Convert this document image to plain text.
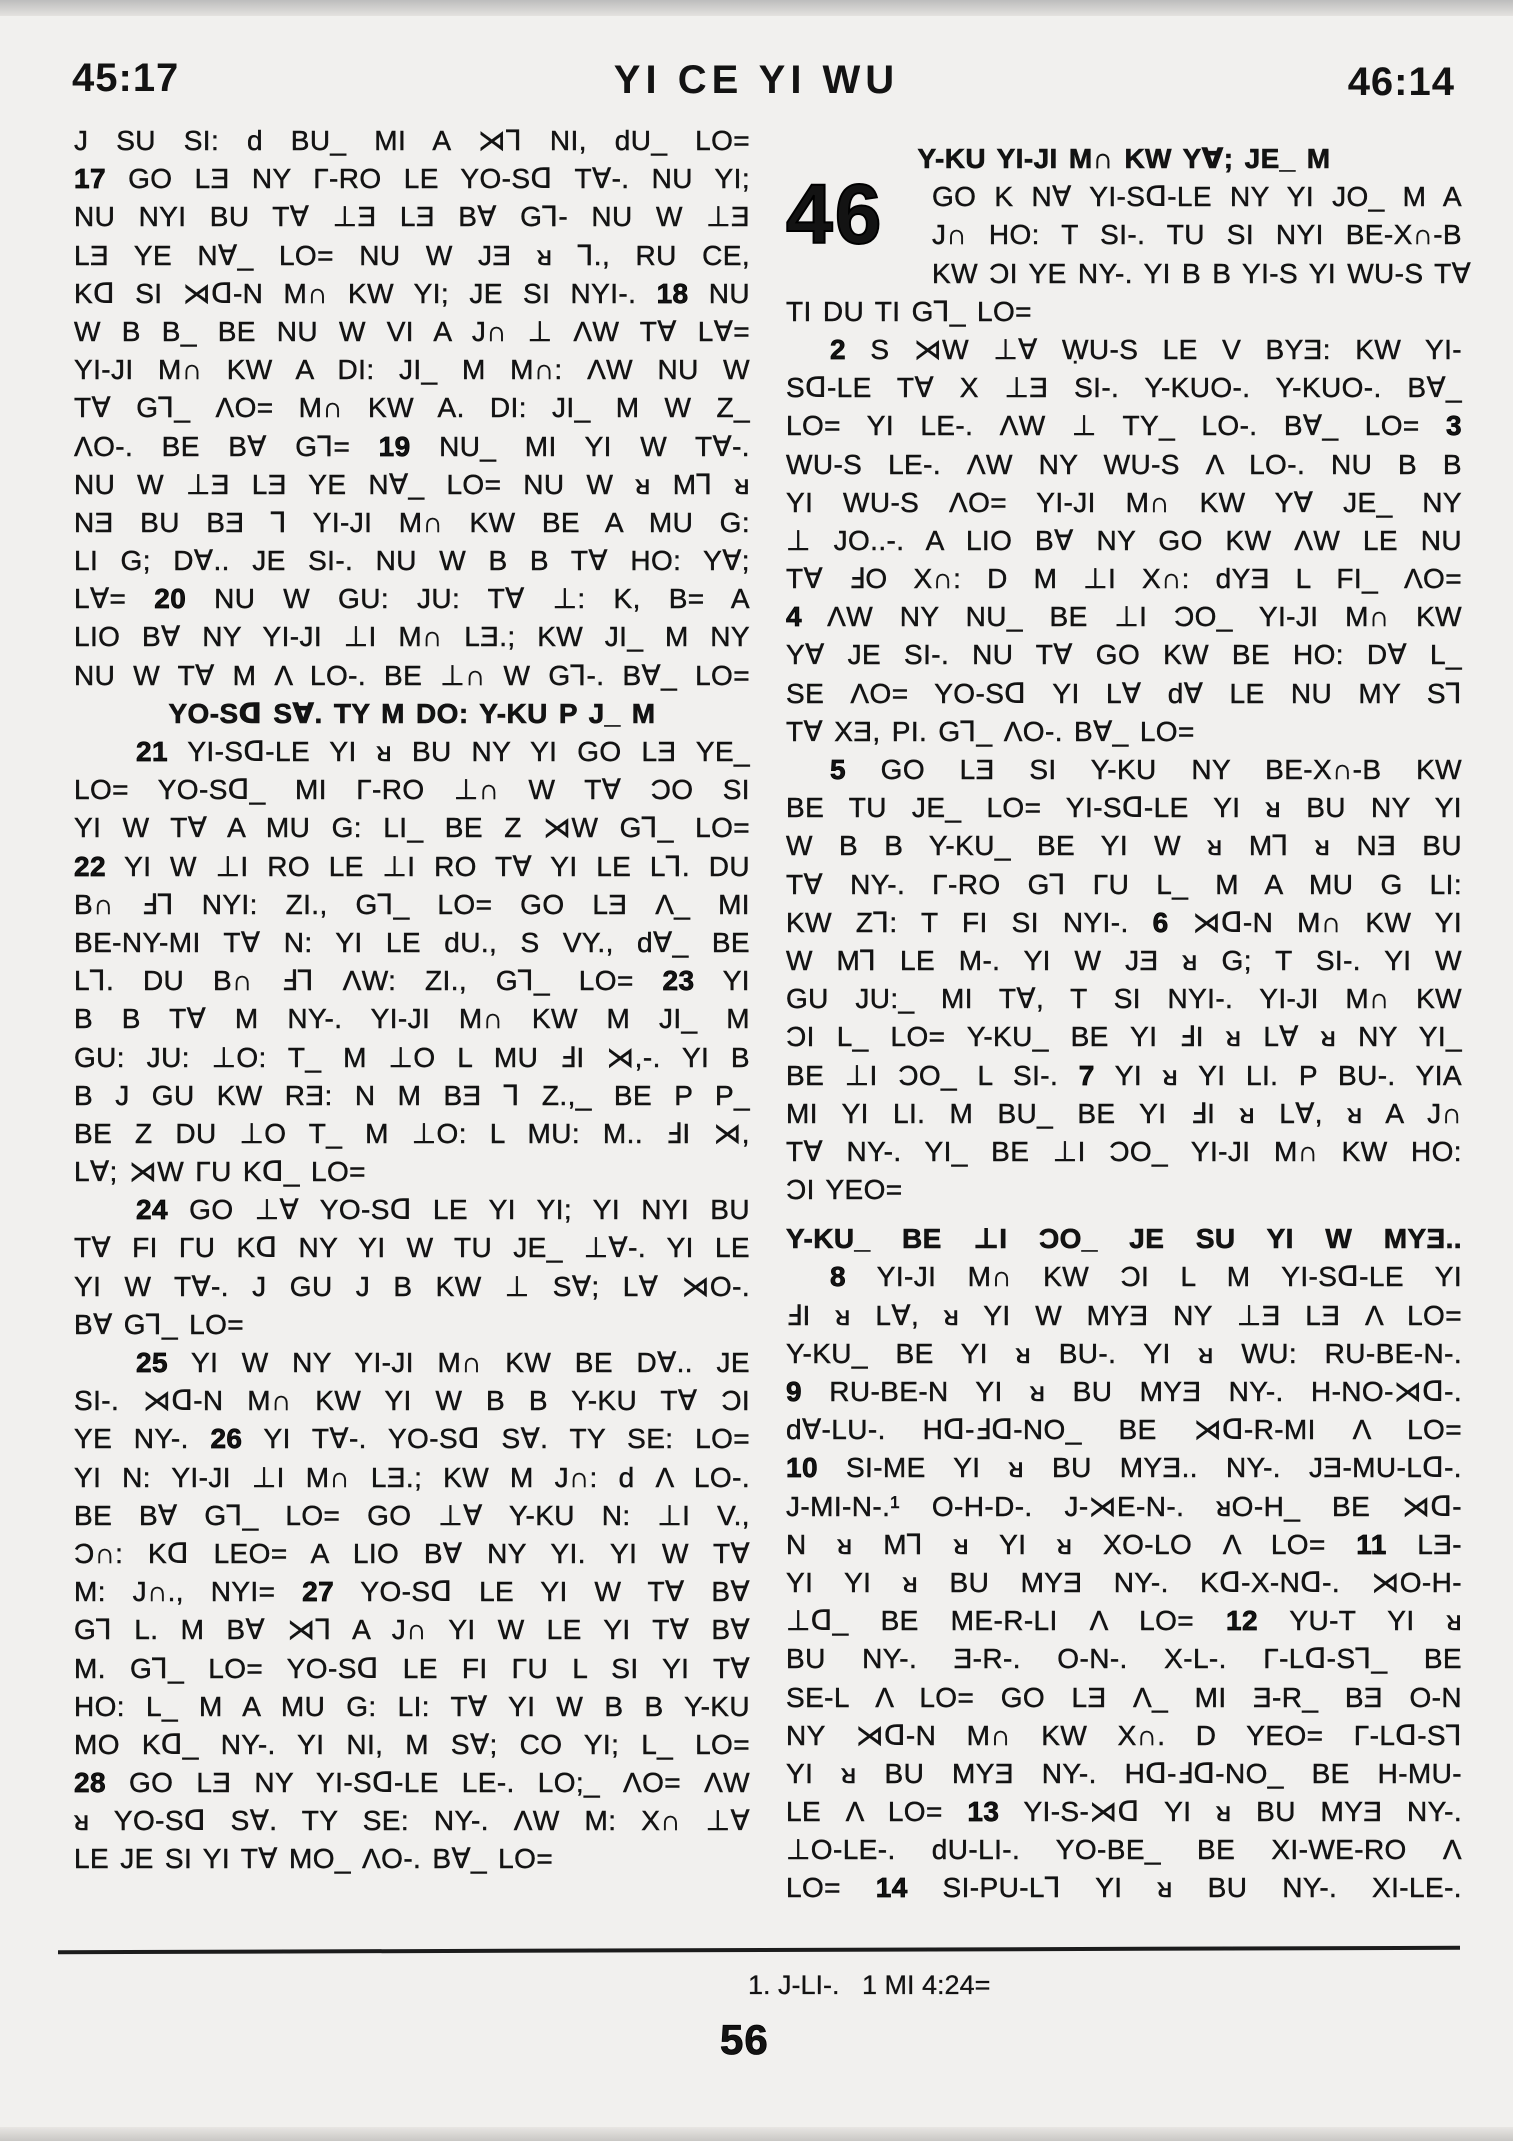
45:17	YI CE YI WU	46:14
J SU SI: d BU_ MI A ⋊⅂ NI, dU_ LO=
17 GO LƎ NY Γ-RO LE YO-Sᗡ T∀-. NU YI;
NU NYI BU T∀ ⊥Ǝ LƎ B∀ G⅂- NU W ⊥Ǝ
LƎ YE N∀_ LO= NU W JƎ ᴚ ⅂., RU CE,
Kᗡ SI ⋊ᗡ-N M∩ KW YI; JE SI NYI-. 18 NU
W B B_ BE NU W VI A J∩ ⊥ ΛW T∀ L∀=
YI-JI M∩ KW A DI: JI_ M M∩: ΛW NU W
T∀ G⅂_ ΛO= M∩ KW A. DI: JI_ M W Z_
ΛO-. BE B∀ G⅂= 19 NU_ MI YI W T∀-.
NU W ⊥Ǝ LƎ YE N∀_ LO= NU W ᴚ M⅂ ᴚ
NƎ BU BƎ ⅂ YI-JI M∩ KW BE A MU G:
LI G; D∀.. JE SI-. NU W B B T∀ HO: Y∀;
L∀= 20 NU W GU: JU: T∀ ⊥: K, B= A
LIO B∀ NY YI-JI ⊥I M∩ LƎ.; KW JI_ M NY
NU W T∀ M Λ LO-. BE ⊥∩ W G⅂-. B∀_ LO=
YO-Sᗡ S∀. TY M DO: Y-KU P J_ M
21 YI-Sᗡ-LE YI ᴚ BU NY YI GO LƎ YE_
LO= YO-Sᗡ_ MI Γ-RO ⊥∩ W T∀ ƆO SI
YI W T∀ A MU G: LI_ BE Z ⋊W G⅂_ LO=
22 YI W ⊥I RO LE ⊥I RO T∀ YI LE L⅂. DU
B∩ Ⅎ⅂ NYI: ZI., G⅂_ LO= GO LƎ Λ_ MI
BE-NY-MI T∀ N: YI LE dU., S VY., d∀_ BE
L⅂. DU B∩ Ⅎ⅂ ΛW: ZI., G⅂_ LO= 23 YI
B B T∀ M NY-. YI-JI M∩ KW M JI_ M
GU: JU: ⊥O: T_ M ⊥O L MU ℲI ⋊,-. YI B
B J GU KW RƎ: N M BƎ ⅂ Z.,_ BE P P_
BE Z DU ⊥O T_ M ⊥O: L MU: M.. ℲI ⋊,
L∀; ⋊W ΓU Kᗡ_ LO=
24 GO ⊥∀ YO-Sᗡ LE YI YI; YI NYI BU
T∀ FI ΓU Kᗡ NY YI W TU JE_ ⊥∀-. YI LE
YI W T∀-. J GU J B KW ⊥ S∀; L∀ ⋊O-.
B∀ G⅂_ LO=
25 YI W NY YI-JI M∩ KW BE D∀.. JE
SI-. ⋊ᗡ-N M∩ KW YI W B B Y-KU T∀ ƆI
YE NY-. 26 YI T∀-. YO-Sᗡ S∀. TY SE: LO=
YI N: YI-JI ⊥I M∩ LƎ.; KW M J∩: d Λ LO-.
BE B∀ G⅂_ LO= GO ⊥∀ Y-KU N: ⊥I V.,
Ɔ∩: Kᗡ LEO= A LIO B∀ NY YI. YI W T∀
M: J∩., NYI= 27 YO-Sᗡ LE YI W T∀ B∀
G⅂ L. M B∀ ⋊⅂ A J∩ YI W LE YI T∀ B∀
M. G⅂_ LO= YO-Sᗡ LE FI ΓU L SI YI T∀
HO: L_ M A MU G: LI: T∀ YI W B B Y-KU
MO Kᗡ_ NY-. YI NI, M S∀; CO YI; L_ LO=
28 GO LƎ NY YI-Sᗡ-LE LE-. LO;_ ΛO= ΛW
ᴚ YO-Sᗡ S∀. TY SE: NY-. ΛW M: X∩ ⊥∀
LE JE SI YI T∀ MO_ ΛO-. B∀_ LO=
Y-KU YI-JI M∩ KW Y∀; JE_ M
46	GO K N∀ YI-Sᗡ-LE NY YI JO_ M A
J∩ HO: T SI-. TU SI NYI BE-X∩-B
KW ƆI YE NY-. YI B B YI-S YI WU-S T∀
TI DU TI G⅂_ LO=
2 S ⋊W ⊥∀ ẈU-S LE V BYƎ: KW YI-
Sᗡ-LE T∀ X ⊥Ǝ SI-. Y-KUO-. Y-KUO-. B∀_
LO= YI LE-. ΛW ⊥ TY_ LO-. B∀_ LO= 3
WU-S LE-. ΛW NY WU-S Λ LO-. NU B B
YI WU-S ΛO= YI-JI M∩ KW Y∀ JE_ NY
⊥ JO..-. A LIO B∀ NY GO KW ΛW LE NU
T∀ ℲO X∩: D M ⊥I X∩: dYƎ L FI_ ΛO=
4 ΛW NY NU_ BE ⊥I ƆO_ YI-JI M∩ KW
Y∀ JE SI-. NU T∀ GO KW BE HO: D∀ L_
SE ΛO= YO-Sᗡ YI L∀ d∀ LE NU MY S⅂
T∀ XƎ, PI. G⅂_ ΛO-. B∀_ LO=
5 GO LƎ SI Y-KU NY BE-X∩-B KW
BE TU JE_ LO= YI-Sᗡ-LE YI ᴚ BU NY YI
W B B Y-KU_ BE YI W ᴚ M⅂ ᴚ NƎ BU
T∀ NY-. Γ-RO G⅂ ΓU L_ M A MU G LI:
KW Z⅂: T FI SI NYI-. 6 ⋊ᗡ-N M∩ KW YI
W M⅂ LE M-. YI W JƎ ᴚ G; T SI-. YI W
GU JU:_ MI T∀, T SI NYI-. YI-JI M∩ KW
ƆI L_ LO= Y-KU_ BE YI ℲI ᴚ L∀ ᴚ NY YI_
BE ⊥I ƆO_ L SI-. 7 YI ᴚ YI LI. P BU-. YIA
MI YI LI. M BU_ BE YI ℲI ᴚ L∀, ᴚ A J∩
T∀ NY-. YI_ BE ⊥I ƆO_ YI-JI M∩ KW HO:
ƆI YEO=
Y-KU_ BE ⊥I ƆO_ JE SU YI W MYƎ..
8 YI-JI M∩ KW ƆI L M YI-Sᗡ-LE YI
ℲI ᴚ L∀, ᴚ YI W MYƎ NY ⊥Ǝ LƎ Λ LO=
Y-KU_ BE YI ᴚ BU-. YI ᴚ WU: RU-BE-N-.
9 RU-BE-N YI ᴚ BU MYƎ NY-. H-NO-⋊ᗡ-.
d∀-LU-. Hᗡ-Ⅎᗡ-NO_ BE ⋊ᗡ-R-MI Λ LO=
10 SI-ME YI ᴚ BU MYƎ.. NY-. JƎ-MU-Lᗡ-.
J-MI-N-.¹ O-H-D-. J-⋊E-N-. ᴚO-H_ BE ⋊ᗡ-
N ᴚ M⅂ ᴚ YI ᴚ XO-LO Λ LO= 11 LƎ-
YI YI ᴚ BU MYƎ NY-. Kᗡ-X-Nᗡ-. ⋊O-H-
⊥ᗡ_ BE ME-R-LI Λ LO= 12 YU-T YI ᴚ
BU NY-. Ǝ-R-. O-N-. X-L-. Γ-Lᗡ-S⅂_ BE
SE-L Λ LO= GO LƎ Λ_ MI Ǝ-R_ BƎ O-N
NY ⋊ᗡ-N M∩ KW X∩. D YEO= Γ-Lᗡ-S⅂
YI ᴚ BU MYƎ NY-. Hᗡ-Ⅎᗡ-NO_ BE H-MU-
LE Λ LO= 13 YI-S-⋊ᗡ YI ᴚ BU MYƎ NY-.
⊥O-LE-. dU-LI-. YO-BE_ BE XI-WE-RO Λ
LO= 14 SI-PU-L⅂ YI ᴚ BU NY-. XI-LE-.
1. J-LI-.   1 MI 4:24=
56
